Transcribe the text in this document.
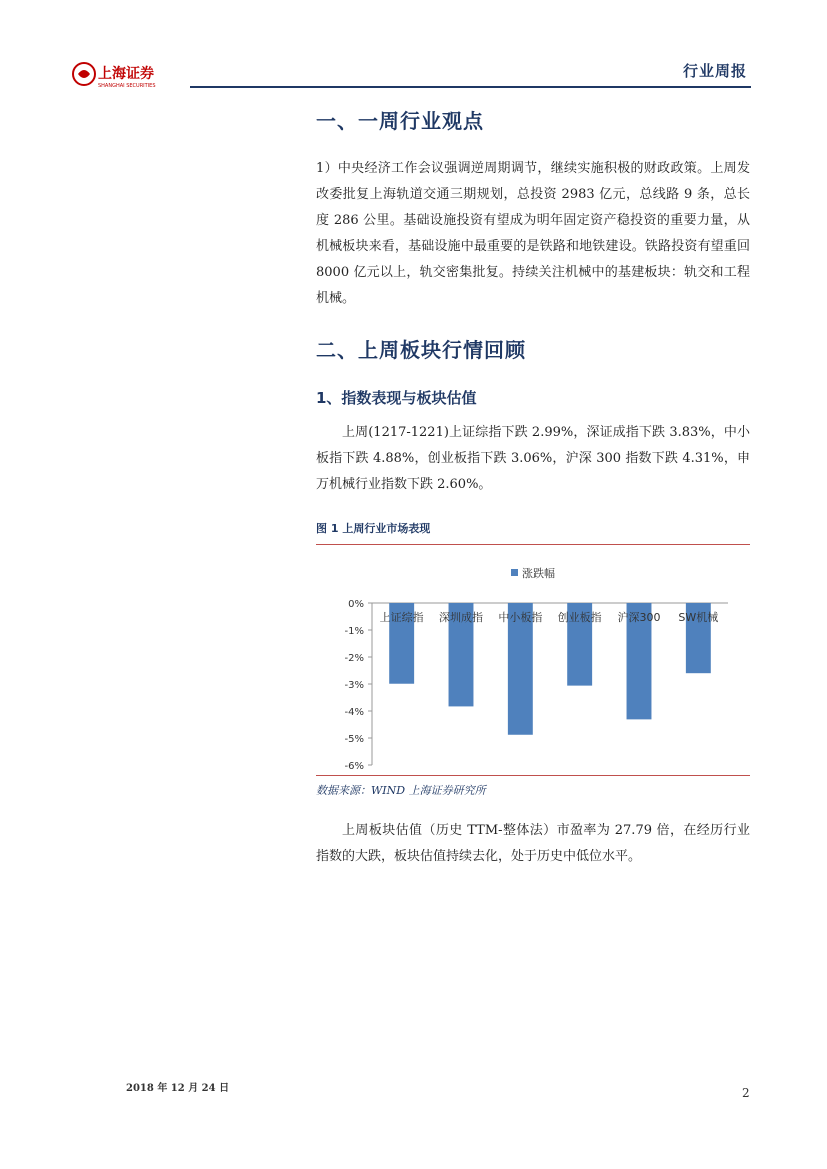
上海证券
SHANGHAI SECURITIES
行业周报
一、一周行业观点

1）中央经济工作会议强调逆周期调节，继续实施积极的财政政策。上周发改委批复上海轨道交通三期规划，总投资 2983 亿元，总线路 9 条，总长度 286 公里。基础设施投资有望成为明年固定资产稳投资的重要力量，从机械板块来看，基础设施中最重要的是铁路和地铁建设。铁路投资有望重回 8000 亿元以上，轨交密集批复。持续关注机械中的基建板块：轨交和工程机械。

二、上周板块行情回顾
1、指数表现与板块估值

上周(1217-1221)上证综指下跌 2.99%，深证成指下跌 3.83%，中小板指下跌 4.88%，创业板指下跌 3.06%，沪深 300 指数下跌 4.31%，申万机械行业指数下跌 2.60%。

图 1 上周行业市场表现
涨跌幅
0%
-1%
-2%
-3%
-4%
-5%
-6%
上证综指 深圳成指 中小板指 创业板指 沪深300 SW机械
数据来源：WIND 上海证券研究所

上周板块估值（历史 TTM-整体法）市盈率为 27.79 倍，在经历行业指数的大跌，板块估值持续去化，处于历史中低位水平。

2018 年 12 月 24 日	2
